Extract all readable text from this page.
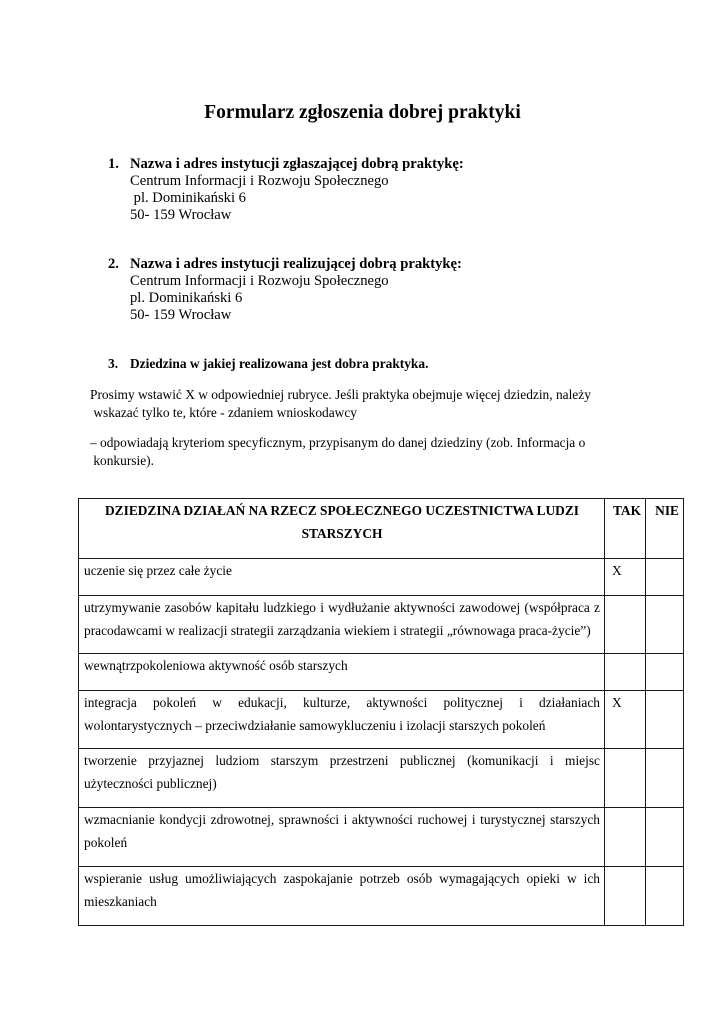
Formularz zgłoszenia dobrej praktyki

1.

Nazwa i adres instytucji zgłaszającej dobrą praktykę:

Centrum Informacji i Rozwoju Społecznego
pl. Dominikański 6
50- 159 Wrocław

2.

Nazwa i adres instytucji realizującej dobrą praktykę:

Centrum Informacji i Rozwoju Społecznego
pl. Dominikański 6
50- 159 Wrocław

3.

Dziedzina w jakiej realizowana jest dobra praktyka.

Prosimy wstawić X w odpowiedniej rubryce. Jeśli praktyka obejmuje więcej dziedzin, należy
wskazać tylko te, które - zdaniem wnioskodawcy
– odpowiadają kryteriom specyficznym, przypisanym do danej dziedziny (zob. Informacja o
konkursie).
DZIEDZINA DZIAŁAŃ NA RZECZ SPOŁECZNEGO UCZESTNICTWA LUDZI STARSZYCH	TAK	NIE
uczenie się przez całe życie	X	
utrzymywanie zasobów kapitału ludzkiego i wydłużanie aktywności zawodowej (współpraca z pracodawcami w realizacji strategii zarządzania wiekiem i strategii „równowaga praca-życie”)		
wewnątrzpokoleniowa aktywność osób starszych		
integracja pokoleń w edukacji, kulturze, aktywności politycznej i działaniach wolontarystycznych – przeciwdziałanie samowykluczeniu i izolacji starszych pokoleń	X	
tworzenie przyjaznej ludziom starszym przestrzeni publicznej (komunikacji i miejsc użyteczności publicznej)		
wzmacnianie kondycji zdrowotnej, sprawności i aktywności ruchowej i turystycznej starszych pokoleń		
wspieranie usług umożliwiających zaspokajanie potrzeb osób wymagających opieki w ich mieszkaniach		
